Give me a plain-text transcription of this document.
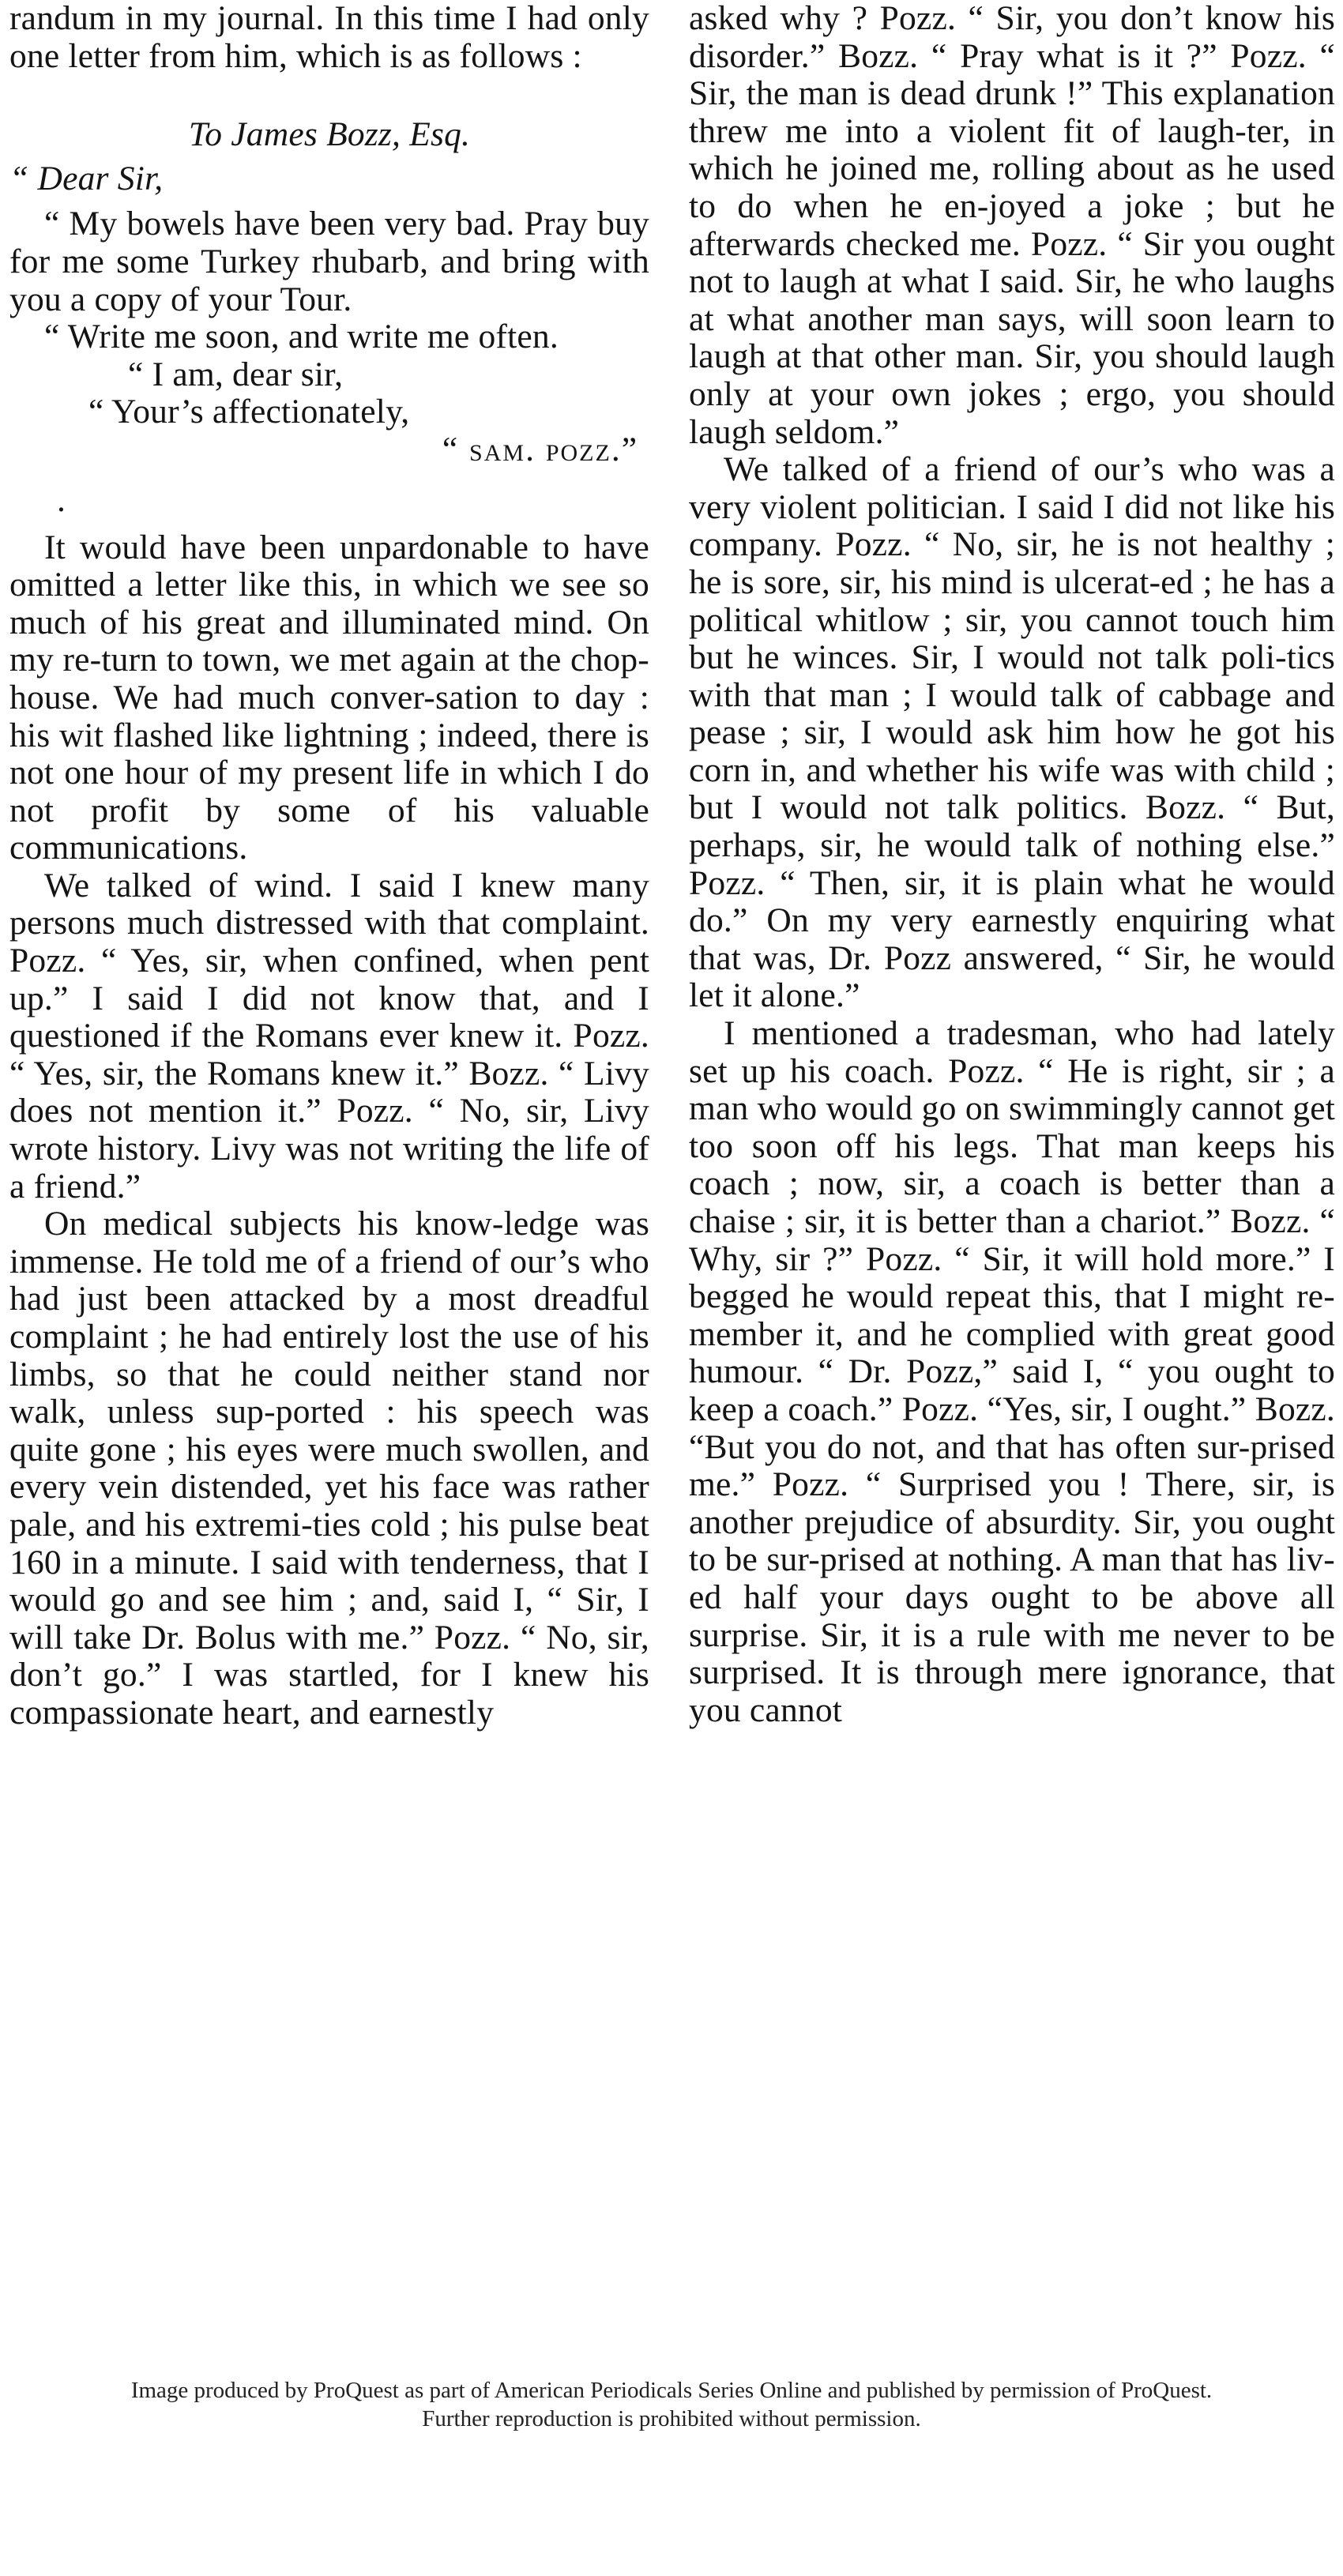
randum in my journal. In this time I had only one letter from him, which is as follows :

To James Bozz, Esq.

“ Dear Sir,

“ My bowels have been very bad. Pray buy for me some Turkey rhubarb, and bring with you a copy of your Tour.

“ Write me soon, and write me often.

“ I am, dear sir,

“ Your’s affectionately,

“ sam. pozz.”

.

It would have been unpardonable to have omitted a letter like this, in which we see so much of his great and illuminated mind. On my re-turn to town, we met again at the chop-house. We had much conver-sation to day : his wit flashed like lightning ; indeed, there is not one hour of my present life in which I do not profit by some of his valuable communications.

We talked of wind. I said I knew many persons much distressed with that complaint. Pozz. “ Yes, sir, when confined, when pent up.” I said I did not know that, and I questioned if the Romans ever knew it. Pozz. “ Yes, sir, the Romans knew it.” Bozz. “ Livy does not mention it.” Pozz. “ No, sir, Livy wrote history. Livy was not writing the life of a friend.”

On medical subjects his know-ledge was immense. He told me of a friend of our’s who had just been attacked by a most dreadful complaint ; he had entirely lost the use of his limbs, so that he could neither stand nor walk, unless sup-ported : his speech was quite gone ; his eyes were much swollen, and every vein distended, yet his face was rather pale, and his extremi-ties cold ; his pulse beat 160 in a minute. I said with tenderness, that I would go and see him ; and, said I, “ Sir, I will take Dr. Bolus with me.” Pozz. “ No, sir, don’t go.” I was startled, for I knew his compassionate heart, and earnestly

asked why ? Pozz. “ Sir, you don’t know his disorder.” Bozz. “ Pray what is it ?” Pozz. “ Sir, the man is dead drunk !” This explanation threw me into a violent fit of laugh-ter, in which he joined me, rolling about as he used to do when he en-joyed a joke ; but he afterwards checked me. Pozz. “ Sir you ought not to laugh at what I said. Sir, he who laughs at what another man says, will soon learn to laugh at that other man. Sir, you should laugh only at your own jokes ; ergo, you should laugh seldom.”

We talked of a friend of our’s who was a very violent politician. I said I did not like his company. Pozz. “ No, sir, he is not healthy ; he is sore, sir, his mind is ulcerat-ed ; he has a political whitlow ; sir, you cannot touch him but he winces. Sir, I would not talk poli-tics with that man ; I would talk of cabbage and pease ; sir, I would ask him how he got his corn in, and whether his wife was with child ; but I would not talk politics. Bozz. “ But, perhaps, sir, he would talk of nothing else.” Pozz. “ Then, sir, it is plain what he would do.” On my very earnestly enquiring what that was, Dr. Pozz answered, “ Sir, he would let it alone.”

I mentioned a tradesman, who had lately set up his coach. Pozz. “ He is right, sir ; a man who would go on swimmingly cannot get too soon off his legs. That man keeps his coach ; now, sir, a coach is better than a chaise ; sir, it is better than a chariot.” Bozz. “ Why, sir ?” Pozz. “ Sir, it will hold more.” I begged he would repeat this, that I might re-member it, and he complied with great good humour. “ Dr. Pozz,” said I, “ you ought to keep a coach.” Pozz. “Yes, sir, I ought.” Bozz. “But you do not, and that has often sur-prised me.” Pozz. “ Surprised you ! There, sir, is another prejudice of absurdity. Sir, you ought to be sur-prised at nothing. A man that has liv-ed half your days ought to be above all surprise. Sir, it is a rule with me never to be surprised. It is through mere ignorance, that you cannot

Image produced by ProQuest as part of American Periodicals Series Online and published by permission of ProQuest.
Further reproduction is prohibited without permission.
